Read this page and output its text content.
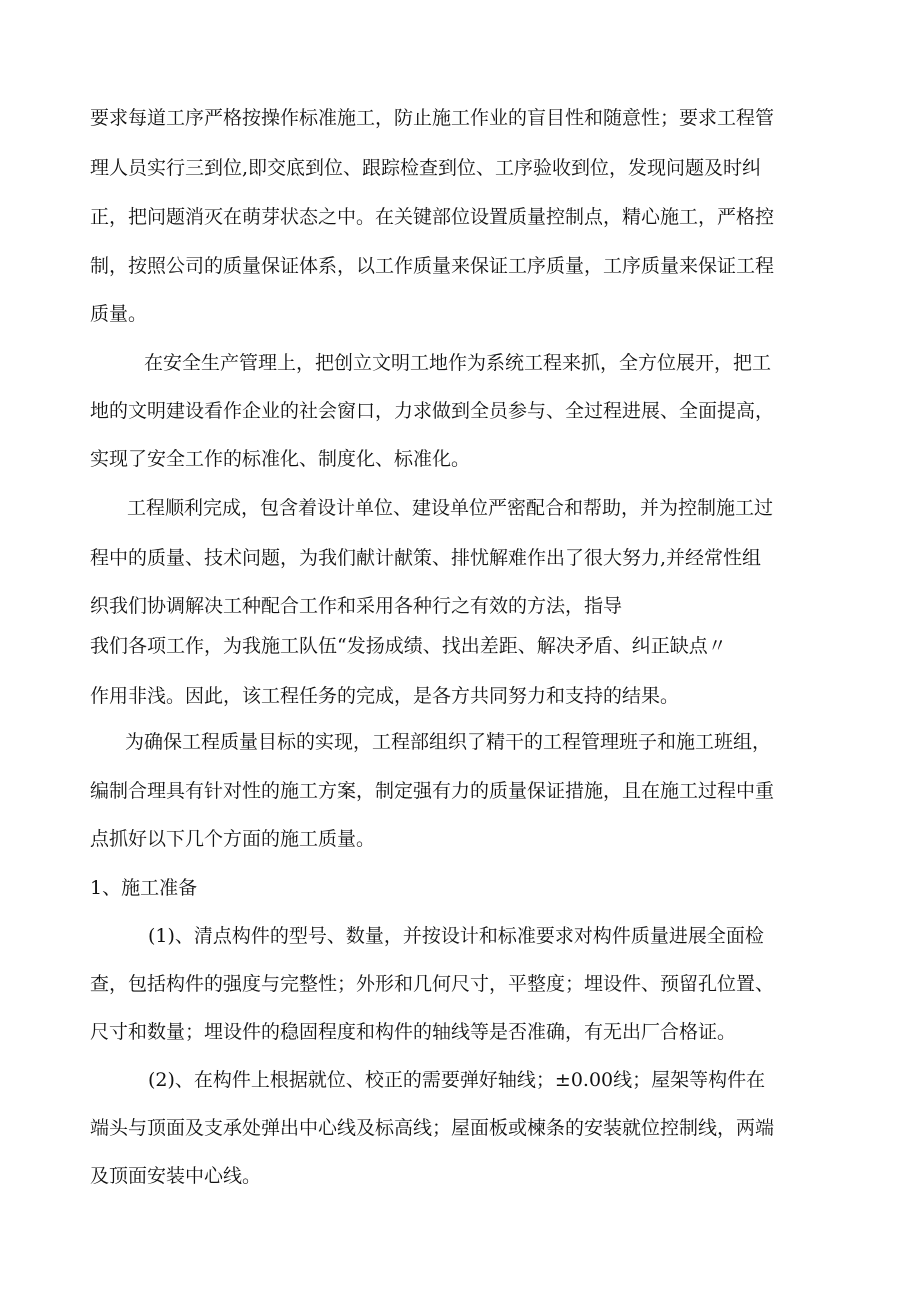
要求每道工序严格按操作标准施工，防止施工作业的盲目性和随意性；要求工程管
理人员实行三到位,即交底到位、跟踪检查到位、工序验收到位，发现问题及时纠
正，把问题消灭在萌芽状态之中。在关键部位设置质量控制点，精心施工，严格控
制，按照公司的质量保证体系，以工作质量来保证工序质量，工序质量来保证工程
质量。
在安全生产管理上，把创立文明工地作为系统工程来抓，全方位展开，把工
地的文明建设看作企业的社会窗口，力求做到全员参与、全过程进展、全面提高，
实现了安全工作的标准化、制度化、标准化。
工程顺利完成，包含着设计单位、建设单位严密配合和帮助，并为控制施工过
程中的质量、技术问题，为我们献计献策、排忧解难作出了很大努力,并经常性组
织我们协调解决工种配合工作和采用各种行之有效的方法，指导
我们各项工作，为我施工队伍“发扬成绩、找出差距、解决矛盾、纠正缺点〃
作用非浅。因此，该工程任务的完成，是各方共同努力和支持的结果。
为确保工程质量目标的实现，工程部组织了精干的工程管理班子和施工班组，
编制合理具有针对性的施工方案，制定强有力的质量保证措施，且在施工过程中重
点抓好以下几个方面的施工质量。
1、施工准备
(1)、清点构件的型号、数量，并按设计和标准要求对构件质量进展全面检
查，包括构件的强度与完整性；外形和几何尺寸，平整度；埋设件、预留孔位置、
尺寸和数量；埋设件的稳固程度和构件的轴线等是否准确，有无出厂合格证。
(2)、在构件上根据就位、校正的需要弹好轴线；±0.00线；屋架等构件在
端头与顶面及支承处弹出中心线及标高线；屋面板或楝条的安装就位控制线，两端
及顶面安装中心线。
